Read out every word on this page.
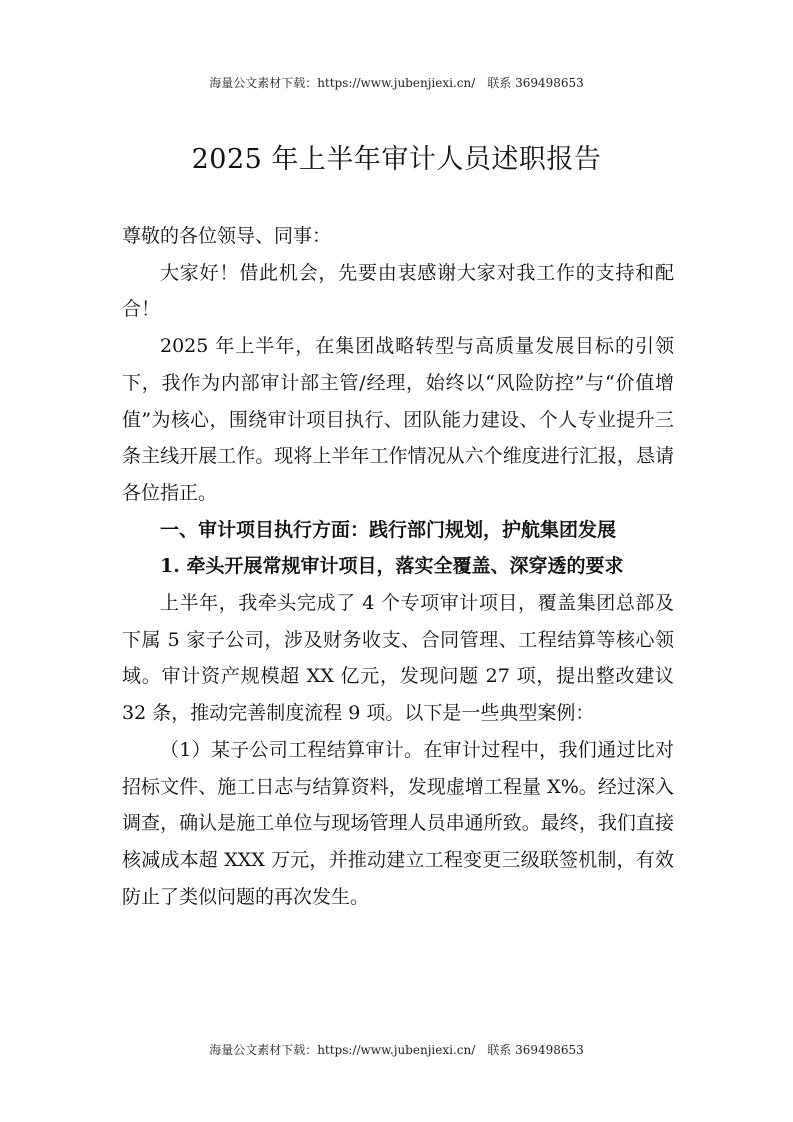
海量公文素材下载：https://www.jubenjiexi.cn/　联系 369498653
2025 年上半年审计人员述职报告

尊敬的各位领导、同事：

大家好！借此机会，先要由衷感谢大家对我工作的支持和配合！

2025 年上半年，在集团战略转型与高质量发展目标的引领下，我作为内部审计部主管/经理，始终以“风险防控”与“价值增值”为核心，围绕审计项目执行、团队能力建设、个人专业提升三条主线开展工作。现将上半年工作情况从六个维度进行汇报，恳请各位指正。

一、审计项目执行方面：践行部门规划，护航集团发展

1. 牵头开展常规审计项目，落实全覆盖、深穿透的要求

上半年，我牵头完成了 4 个专项审计项目，覆盖集团总部及下属 5 家子公司，涉及财务收支、合同管理、工程结算等核心领域。审计资产规模超 XX 亿元，发现问题 27 项，提出整改建议 32 条，推动完善制度流程 9 项。以下是一些典型案例：

（1）某子公司工程结算审计。在审计过程中，我们通过比对招标文件、施工日志与结算资料，发现虚增工程量 X%。经过深入调查，确认是施工单位与现场管理人员串通所致。最终，我们直接核减成本超 XXX 万元，并推动建立工程变更三级联签机制，有效防止了类似问题的再次发生。

海量公文素材下载：https://www.jubenjiexi.cn/　联系 369498653
